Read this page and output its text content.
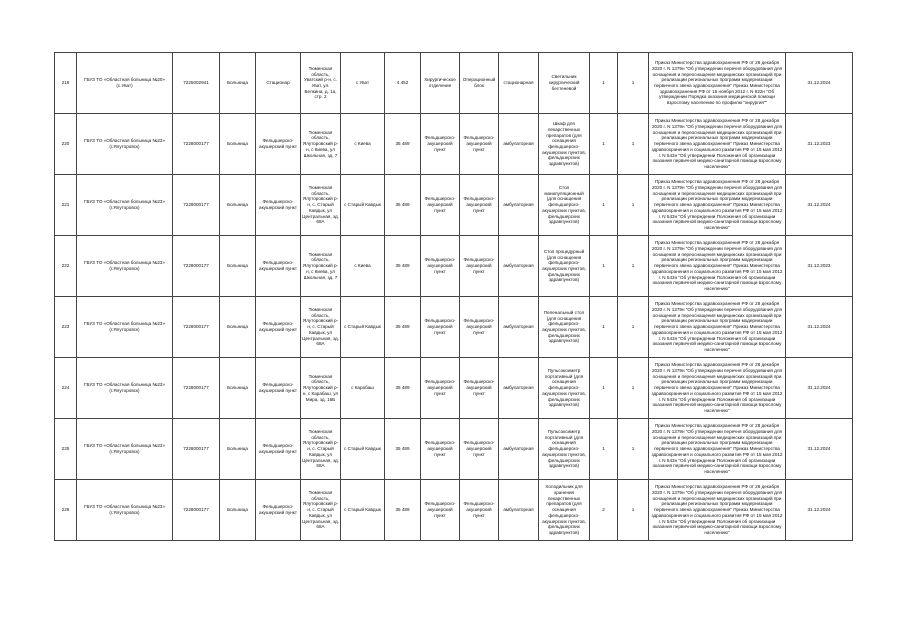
219	ГБУЗ ТО «Областная больница №20» (с.Уват)	7225002941	Больница	Стационар	Тюменская область, Уватский р-н, с. Уват, ул. Белкина, д. 1а, стр. 2	с Уват	4 452	Хирургическое отделение	Операционный блок	стационарная	Светильник хирургический бестеневой	1	1	Приказ Министерства здравоохранения РФ от 28 декабря 2020 г. N 1379н "Об утверждении перечня оборудования для оснащения и переоснащения медицинских организаций при реализации региональных программ модернизации первичного звена здравоохранения" Приказ Министерства здравоохранения РФ от 15 ноября 2012 г. N 922н "Об утверждении Порядка оказания медицинской помощи взрослому населению по профилю "хирургия""	31.12.2024
220	ГБУЗ ТО «Областная больница №23» (г.Ялуторовск)	7228000177	Больница	Фельдшерско-акушерский пункт	Тюменская область, Ялуторовский р-н, с Киева, ул Школьная, зд. 7	с Киева	35 489	Фельдшерско-акушерский пункт	Фельдшерско-акушерский пункт	амбулаторная	Шкаф для лекарственных препаратов (для оснащения фельдшерско-акушерских пунктов, фельдшерских здравпунктов)	1	1	Приказ Министерства здравоохранения РФ от 28 декабря 2020 г. N 1379н "Об утверждении перечня оборудования для оснащения и переоснащения медицинских организаций при реализации региональных программ модернизации первичного звена здравоохранения" Приказ Министерства здравоохранения и социального развития РФ от 15 мая 2012 г. N 543н "Об утверждении Положения об организации оказания первичной медико-санитарной помощи взрослому населению"	31.12.2023
221	ГБУЗ ТО «Областная больница №23» (г.Ялуторовск)	7228000177	Больница	Фельдшерско-акушерский пункт	Тюменская область, Ялуторовский р-н, с. Старый Кавдык, ул Центральная, зд. 68А	с Старый Кавдык	35 489	Фельдшерско-акушерский пункт	Фельдшерско-акушерский пункт	амбулаторная	Стол манипуляционный (для оснащения фельдшерско-акушерских пунктов, фельдшерских здравпунктов)	1	1	Приказ Министерства здравоохранения РФ от 28 декабря 2020 г. N 1379н "Об утверждении перечня оборудования для оснащения и переоснащения медицинских организаций при реализации региональных программ модернизации первичного звена здравоохранения" Приказ Министерства здравоохранения и социального развития РФ от 15 мая 2012 г. N 543н "Об утверждении Положения об организации оказания первичной медико-санитарной помощи взрослому населению"	31.12.2024
222	ГБУЗ ТО «Областная больница №23» (г.Ялуторовск)	7228000177	Больница	Фельдшерско-акушерский пункт	Тюменская область, Ялуторовский р-н, с Киева, ул Школьная, зд. 7	с Киева	35 489	Фельдшерско-акушерский пункт	Фельдшерско-акушерский пункт	амбулаторная	Стол процедурный (для оснащения фельдшерско-акушерских пунктов, фельдшерских здравпунктов)	1	1	Приказ Министерства здравоохранения РФ от 28 декабря 2020 г. N 1379н "Об утверждении перечня оборудования для оснащения и переоснащения медицинских организаций при реализации региональных программ модернизации первичного звена здравоохранения" Приказ Министерства здравоохранения и социального развития РФ от 15 мая 2012 г. N 543н "Об утверждении Положения об организации оказания первичной медико-санитарной помощи взрослому населению"	31.12.2023
223	ГБУЗ ТО «Областная больница №23» (г.Ялуторовск)	7228000177	Больница	Фельдшерско-акушерский пункт	Тюменская область, Ялуторовский р-н, с. Старый Кавдык, ул Центральная, зд. 68А	с Старый Кавдык	35 489	Фельдшерско-акушерский пункт	Фельдшерско-акушерский пункт	амбулаторная	Пеленальный стол (для оснащения фельдшерско-акушерских пунктов, фельдшерских здравпунктов)	1	1	Приказ Министерства здравоохранения РФ от 28 декабря 2020 г. N 1379н "Об утверждении перечня оборудования для оснащения и переоснащения медицинских организаций при реализации региональных программ модернизации первичного звена здравоохранения" Приказ Министерства здравоохранения и социального развития РФ от 15 мая 2012 г. N 543н "Об утверждении Положения об организации оказания первичной медико-санитарной помощи взрослому населению"	31.12.2024
224	ГБУЗ ТО «Областная больница №23» (г.Ялуторовск)	7228000177	Больница	Фельдшерско-акушерский пункт	Тюменская область, Ялуторовский р-н, с Карабаш, ул Мира, зд. 16Б	с Карабаш	35 489	Фельдшерско-акушерский пункт	Фельдшерско-акушерский пункт	амбулаторная	Пульсоксиметр портативный (для оснащения фельдшерско-акушерских пунктов, фельдшерских здравпунктов)	1	1	Приказ Министерства здравоохранения РФ от 28 декабря 2020 г. N 1379н "Об утверждении перечня оборудования для оснащения и переоснащения медицинских организаций при реализации региональных программ модернизации первичного звена здравоохранения" Приказ Министерства здравоохранения и социального развития РФ от 15 мая 2012 г. N 543н "Об утверждении Положения об организации оказания первичной медико-санитарной помощи взрослому населению"	31.12.2024
225	ГБУЗ ТО «Областная больница №23» (г.Ялуторовск)	7228000177	Больница	Фельдшерско-акушерский пункт	Тюменская область, Ялуторовский р-н, с. Старый Кавдык, ул Центральная, зд. 68А	с Старый Кавдык	35 489	Фельдшерско-акушерский пункт	Фельдшерско-акушерский пункт	амбулаторная	Пульсоксиметр портативный (для оснащения фельдшерско-акушерских пунктов, фельдшерских здравпунктов)	1	1	Приказ Министерства здравоохранения РФ от 28 декабря 2020 г. N 1379н "Об утверждении перечня оборудования для оснащения и переоснащения медицинских организаций при реализации региональных программ модернизации первичного звена здравоохранения" Приказ Министерства здравоохранения и социального развития РФ от 15 мая 2012 г. N 543н "Об утверждении Положения об организации оказания первичной медико-санитарной помощи взрослому населению"	31.12.2024
226	ГБУЗ ТО «Областная больница №23» (г.Ялуторовск)	7228000177	Больница	Фельдшерско-акушерский пункт	Тюменская область, Ялуторовский р-н, с. Старый Кавдык, ул Центральная, зд. 68А	с Старый Кавдык	35 489	Фельдшерско-акушерский пункт	Фельдшерско-акушерский пункт	амбулаторная	Холодильник для хранения лекарственных препаратов (для оснащения фельдшерско-акушерских пунктов, фельдшерских здравпунктов)	2	1	Приказ Министерства здравоохранения РФ от 28 декабря 2020 г. N 1379н "Об утверждении перечня оборудования для оснащения и переоснащения медицинских организаций при реализации региональных программ модернизации первичного звена здравоохранения" Приказ Министерства здравоохранения и социального развития РФ от 15 мая 2012 г. N 543н "Об утверждении Положения об организации оказания первичной медико-санитарной помощи взрослому населению"	31.12.2024
